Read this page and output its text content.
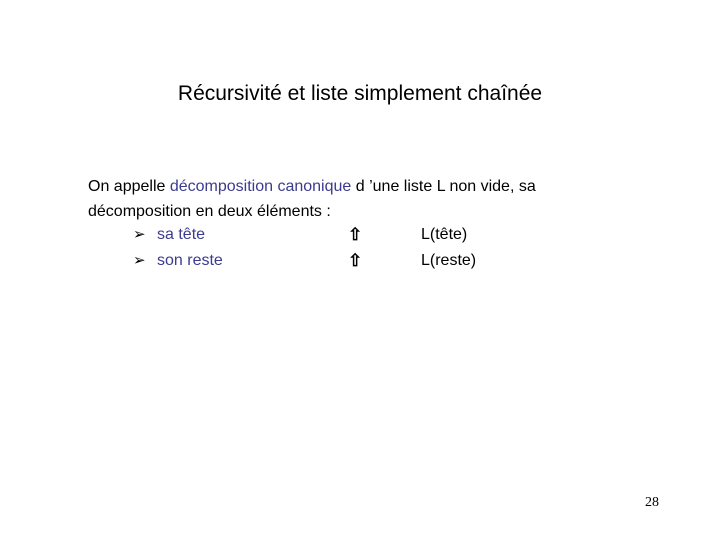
Récursivité et liste simplement chaînée
On appelle décomposition canonique d ’une liste L non vide, sa
décomposition en deux éléments :
➢ sa tête	⇧	L(tête)
➢ son reste	⇧	L(reste)
28
